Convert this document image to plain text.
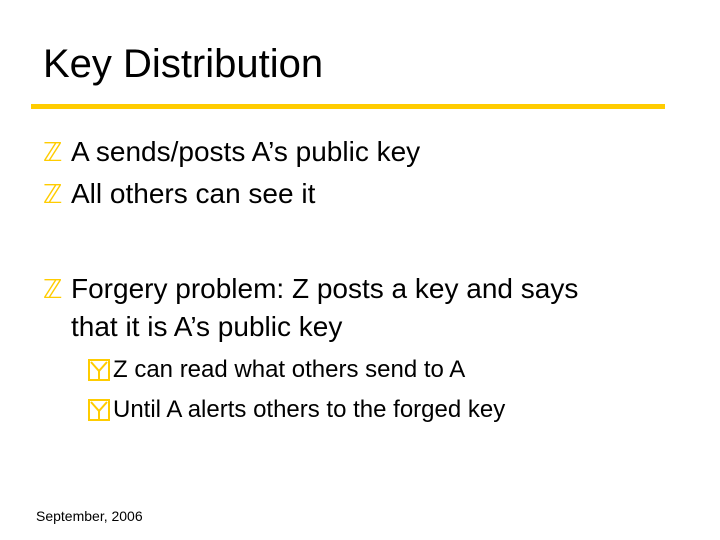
Key Distribution
ℤ A sends/posts A’s public key
ℤ All others can see it
ℤ Forgery problem: Z posts a key and says
that it is A’s public key
Z can read what others send to A
Until A alerts others to the forged key
September, 2006
